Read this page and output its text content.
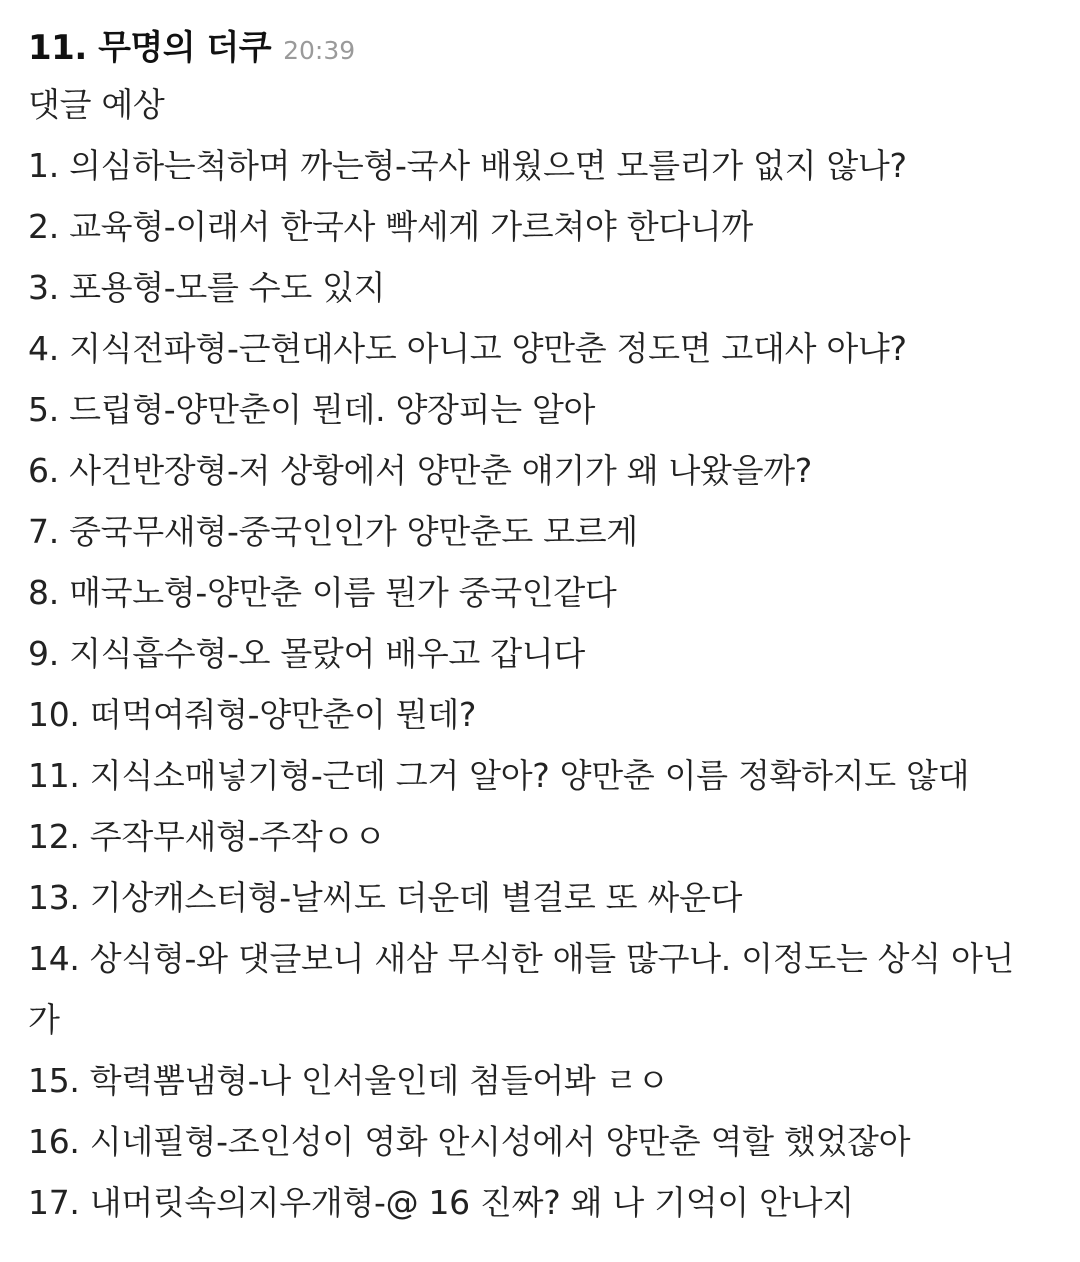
11. 무명의 더쿠 20:39
댓글 예상
1. 의심하는척하며 까는형-국사 배웠으면 모를리가 없지 않나?
2. 교육형-이래서 한국사 빡세게 가르쳐야 한다니까
3. 포용형-모를 수도 있지
4. 지식전파형-근현대사도 아니고 양만춘 정도면 고대사 아냐?
5. 드립형-양만춘이 뭔데. 양장피는 알아
6. 사건반장형-저 상황에서 양만춘 얘기가 왜 나왔을까?
7. 중국무새형-중국인인가 양만춘도 모르게
8. 매국노형-양만춘 이름 뭔가 중국인같다
9. 지식흡수형-오 몰랐어 배우고 갑니다
10. 떠먹여줘형-양만춘이 뭔데?
11. 지식소매넣기형-근데 그거 알아? 양만춘 이름 정확하지도 않대
12. 주작무새형-주작ㅇㅇ
13. 기상캐스터형-날씨도 더운데 별걸로 또 싸운다
14. 상식형-와 댓글보니 새삼 무식한 애들 많구나. 이정도는 상식 아닌
가
15. 학력뽐냄형-나 인서울인데 첨들어봐 ㄹㅇ
16. 시네필형-조인성이 영화 안시성에서 양만춘 역할 했었잖아
17. 내머릿속의지우개형-@ 16 진짜? 왜 나 기억이 안나지
